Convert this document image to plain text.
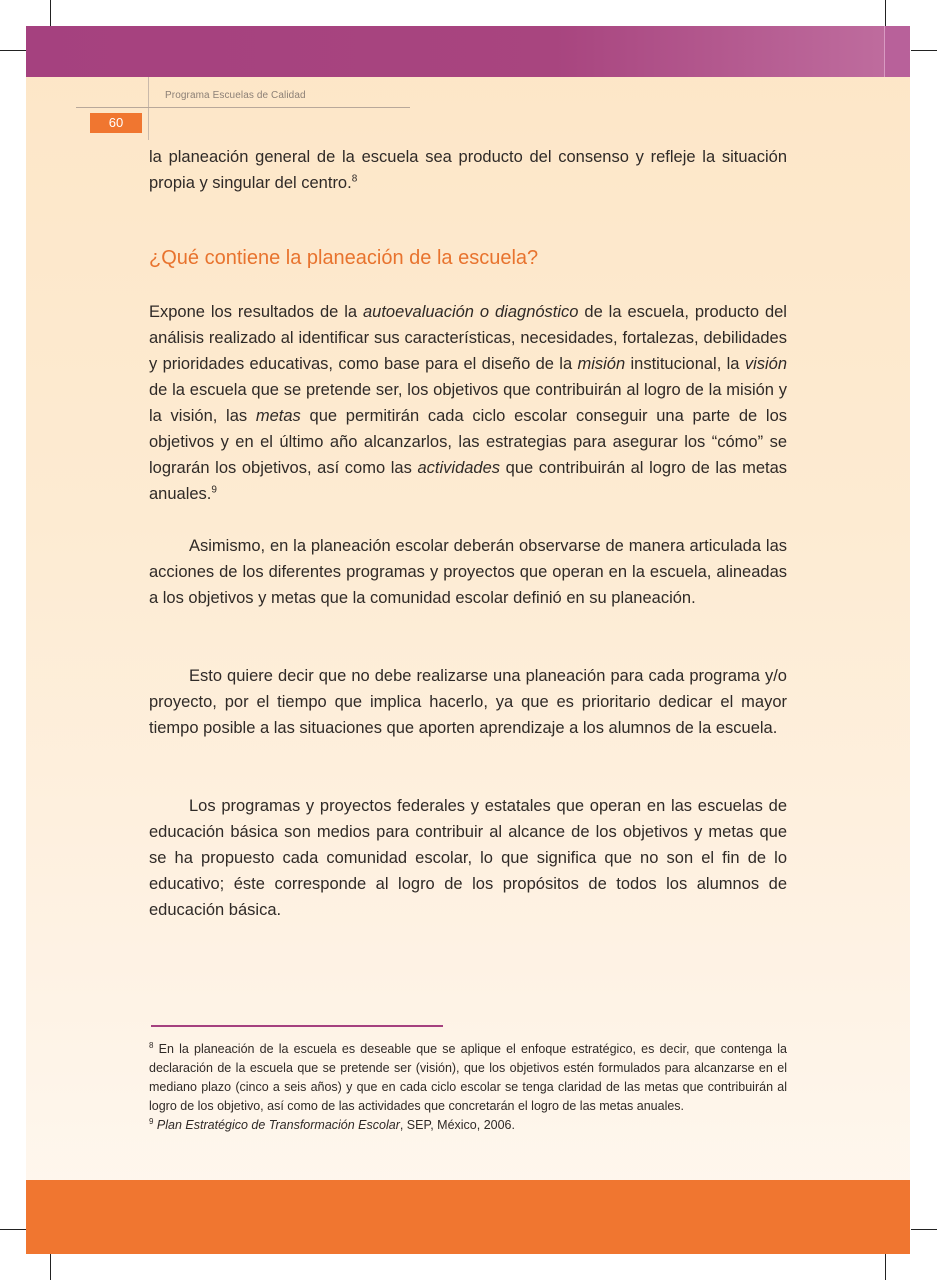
Programa Escuelas de Calidad
60

la planeación general de la escuela sea producto del consenso y refleje la situación propia y singular del centro.$^8$

¿Qué contiene la planeación de la escuela?

Expone los resultados de la autoevaluación o diagnóstico de la escuela, producto del análisis realizado al identificar sus características, necesidades, fortalezas, debilidades y prioridades educativas, como base para el diseño de la misión institucional, la visión de la escuela que se pretende ser, los objetivos que contribuirán al logro de la misión y la visión, las metas que permitirán cada ciclo escolar conseguir una parte de los objetivos y en el último año alcanzarlos, las estrategias para asegurar los “cómo” se lograrán los objetivos, así como las actividades que contribuirán al logro de las metas anuales.$^9$

Asimismo, en la planeación escolar deberán observarse de manera articulada las acciones de los diferentes programas y proyectos que operan en la escuela, alineadas a los objetivos y metas que la comunidad escolar definió en su planeación.

Esto quiere decir que no debe realizarse una planeación para cada programa y/o proyecto, por el tiempo que implica hacerlo, ya que es prioritario dedicar el mayor tiempo posible a las situaciones que aporten aprendizaje a los alumnos de la escuela.

Los programas y proyectos federales y estatales que operan en las escuelas de educación básica son medios para contribuir al alcance de los objetivos y metas que se ha propuesto cada comunidad escolar, lo que significa que no son el fin de lo educativo; éste corresponde al logro de los propósitos de todos los alumnos de educación básica.

$^8$ En la planeación de la escuela es deseable que se aplique el enfoque estratégico, es decir, que contenga la declaración de la escuela que se pretende ser (visión), que los objetivos estén formulados para alcanzarse en el mediano plazo (cinco a seis años) y que en cada ciclo escolar se tenga claridad de las metas que contribuirán al logro de los objetivo, así como de las actividades que concretarán el logro de las metas anuales.

$^9$ Plan Estratégico de Transformación Escolar, SEP, México, 2006.
